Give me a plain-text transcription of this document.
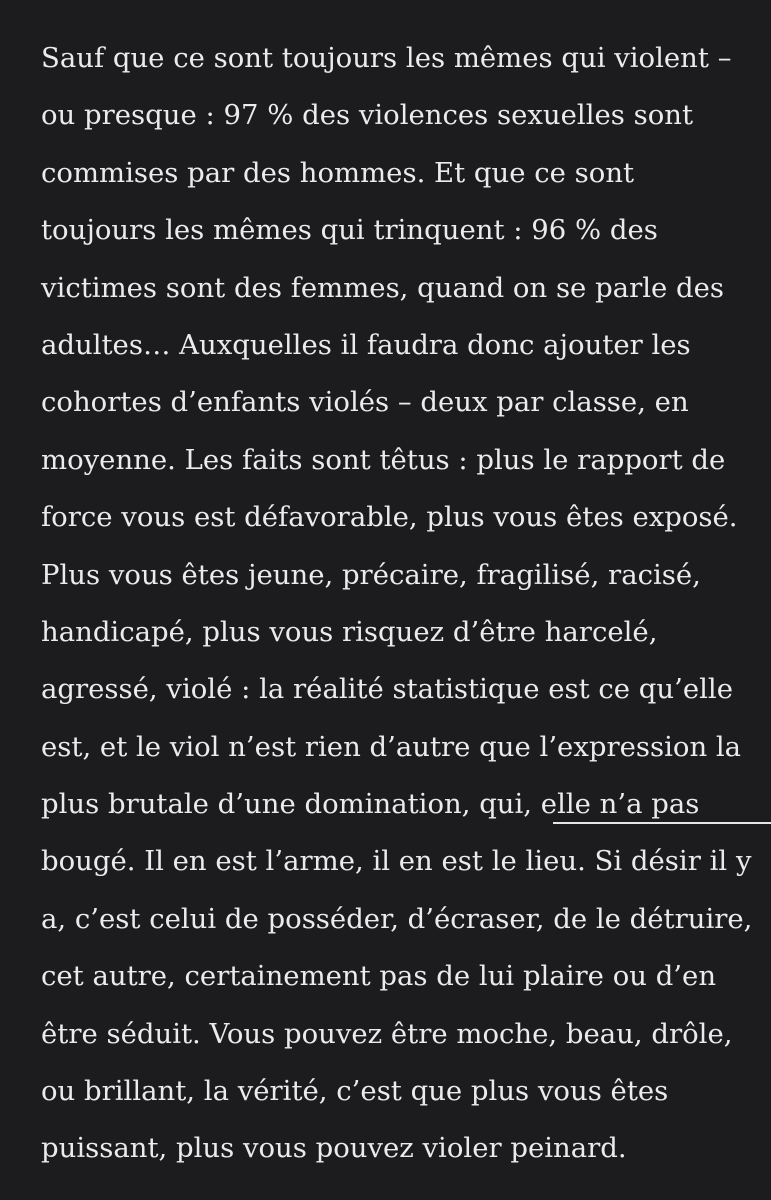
Sauf que ce sont toujours les mêmes qui violent –
ou presque : 97 % des violences sexuelles sont
commises par des hommes. Et que ce sont
toujours les mêmes qui trinquent : 96 % des
victimes sont des femmes, quand on se parle des
adultes… Auxquelles il faudra donc ajouter les
cohortes d’enfants violés – deux par classe, en
moyenne. Les faits sont têtus : plus le rapport de
force vous est défavorable, plus vous êtes exposé.
Plus vous êtes jeune, précaire, fragilisé, racisé,
handicapé, plus vous risquez d’être harcelé,
agressé, violé : la réalité statistique est ce qu’elle
est, et le viol n’est rien d’autre que l’expression la
plus brutale d’une domination, qui, elle n’a pas
bougé. Il en est l’arme, il en est le lieu. Si désir il y
a, c’est celui de posséder, d’écraser, de le détruire,
cet autre, certainement pas de lui plaire ou d’en
être séduit. Vous pouvez être moche, beau, drôle,
ou brillant, la vérité, c’est que plus vous êtes
puissant, plus vous pouvez violer peinard.
